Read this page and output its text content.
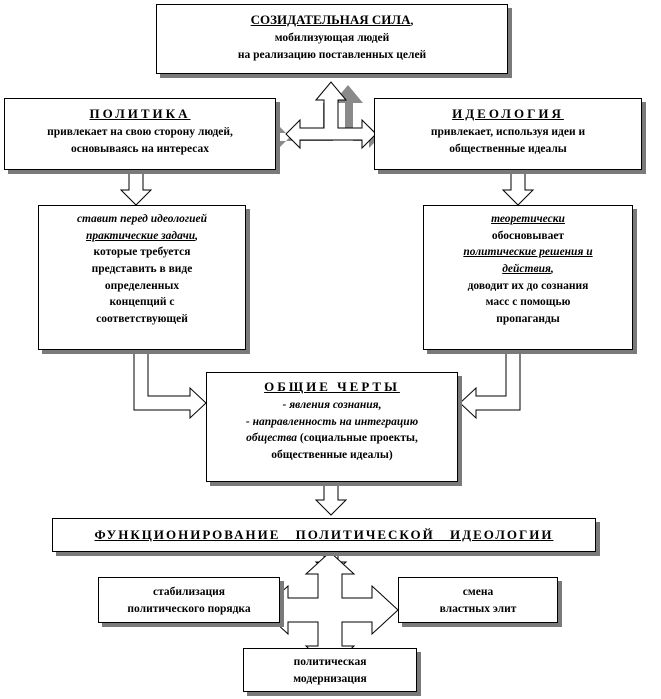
СОЗИДАТЕЛЬНАЯ СИЛА,
мобилизующая людей
на реализацию поставленных целей
ПОЛИТИКА
привлекает на свою сторону людей,
основываясь на интересах
ИДЕОЛОГИЯ
привлекает, используя идеи и
общественные идеалы
ставит перед идеологией
практические задачи,
которые требуется
представить в виде
определенных
концепций с
соответствующей
теоретически
обосновывает
политические решения и
действия,
доводит их до сознания
масс с помощью
пропаганды
ОБЩИЕ ЧЕРТЫ
- явления сознания,
- направленность на интеграцию
общества (социальные проекты,
общественные идеалы)
ФУНКЦИОНИРОВАНИЕ ПОЛИТИЧЕСКОЙ ИДЕОЛОГИИ
стабилизация
политического порядка
смена
властных элит
политическая
модернизация
